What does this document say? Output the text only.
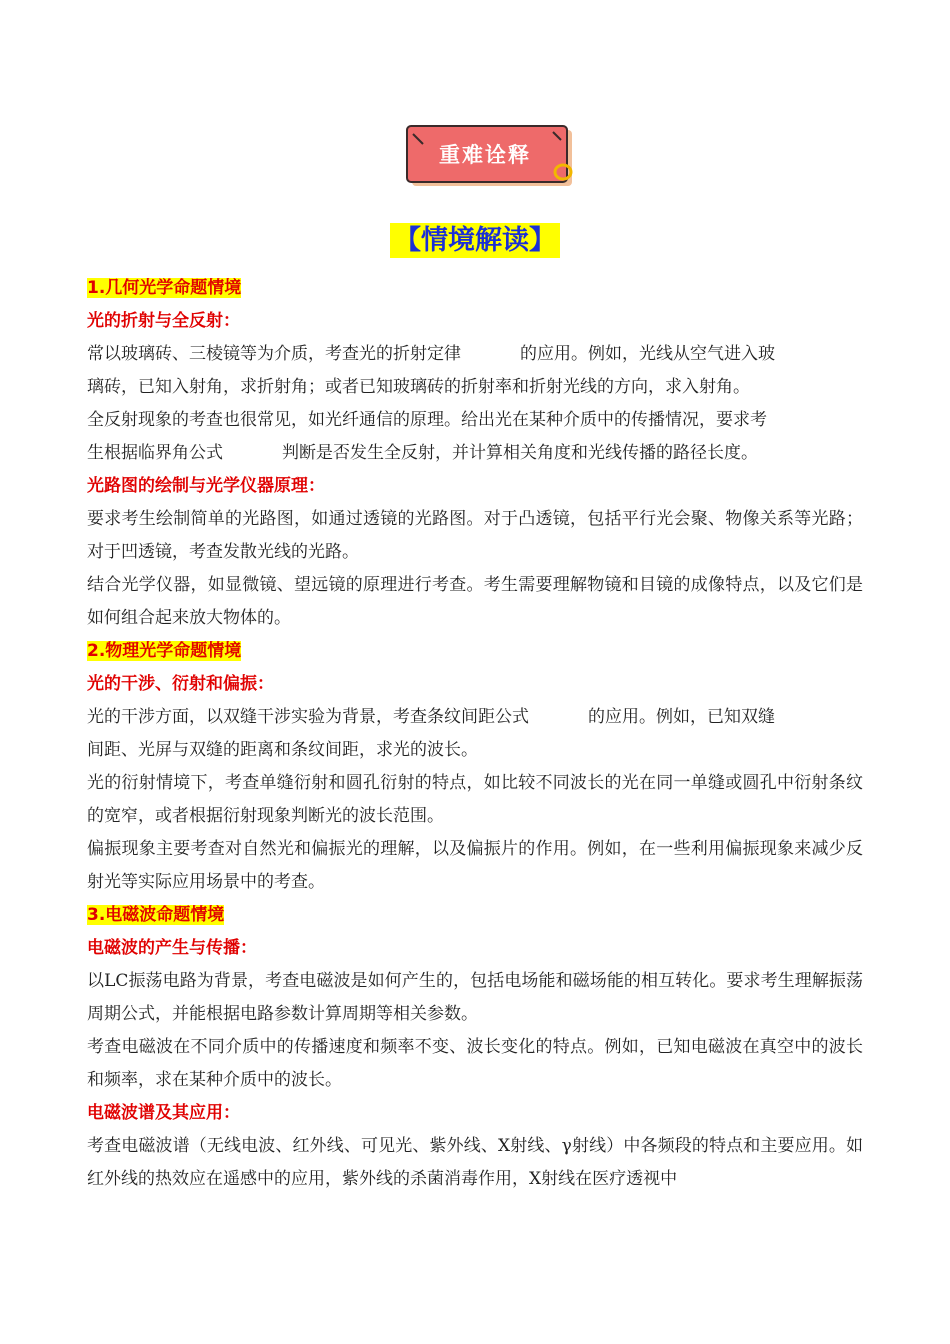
重难诠释
【情境解读】
1.几何光学命题情境
光的折射与全反射：
常以玻璃砖、三棱镜等为介质，考查光的折射定律	的应用。例如，光线从空气进入玻
璃砖，已知入射角，求折射角；或者已知玻璃砖的折射率和折射光线的方向，求入射角。
全反射现象的考查也很常见，如光纤通信的原理。给出光在某种介质中的传播情况，要求考
生根据临界角公式	判断是否发生全反射，并计算相关角度和光线传播的路径长度。
光路图的绘制与光学仪器原理：
要求考生绘制简单的光路图，如通过透镜的光路图。对于凸透镜，包括平行光会聚、物像关系等光路；对于凹透镜，考查发散光线的光路。
结合光学仪器，如显微镜、望远镜的原理进行考查。考生需要理解物镜和目镜的成像特点，以及它们是如何组合起来放大物体的。
2.物理光学命题情境
光的干涉、衍射和偏振：
光的干涉方面，以双缝干涉实验为背景，考查条纹间距公式	的应用。例如，已知双缝
间距、光屏与双缝的距离和条纹间距，求光的波长。
光的衍射情境下，考查单缝衍射和圆孔衍射的特点，如比较不同波长的光在同一单缝或圆孔中衍射条纹的宽窄，或者根据衍射现象判断光的波长范围。
偏振现象主要考查对自然光和偏振光的理解，以及偏振片的作用。例如，在一些利用偏振现象来减少反射光等实际应用场景中的考查。
3.电磁波命题情境
电磁波的产生与传播：
以LC振荡电路为背景，考查电磁波是如何产生的，包括电场能和磁场能的相互转化。要求考生理解振荡周期公式，并能根据电路参数计算周期等相关参数。
考查电磁波在不同介质中的传播速度和频率不变、波长变化的特点。例如，已知电磁波在真空中的波长和频率，求在某种介质中的波长。
电磁波谱及其应用：
考查电磁波谱（无线电波、红外线、可见光、紫外线、X射线、γ射线）中各频段的特点和主要应用。如红外线的热效应在遥感中的应用，紫外线的杀菌消毒作用，X射线在医疗透视中
